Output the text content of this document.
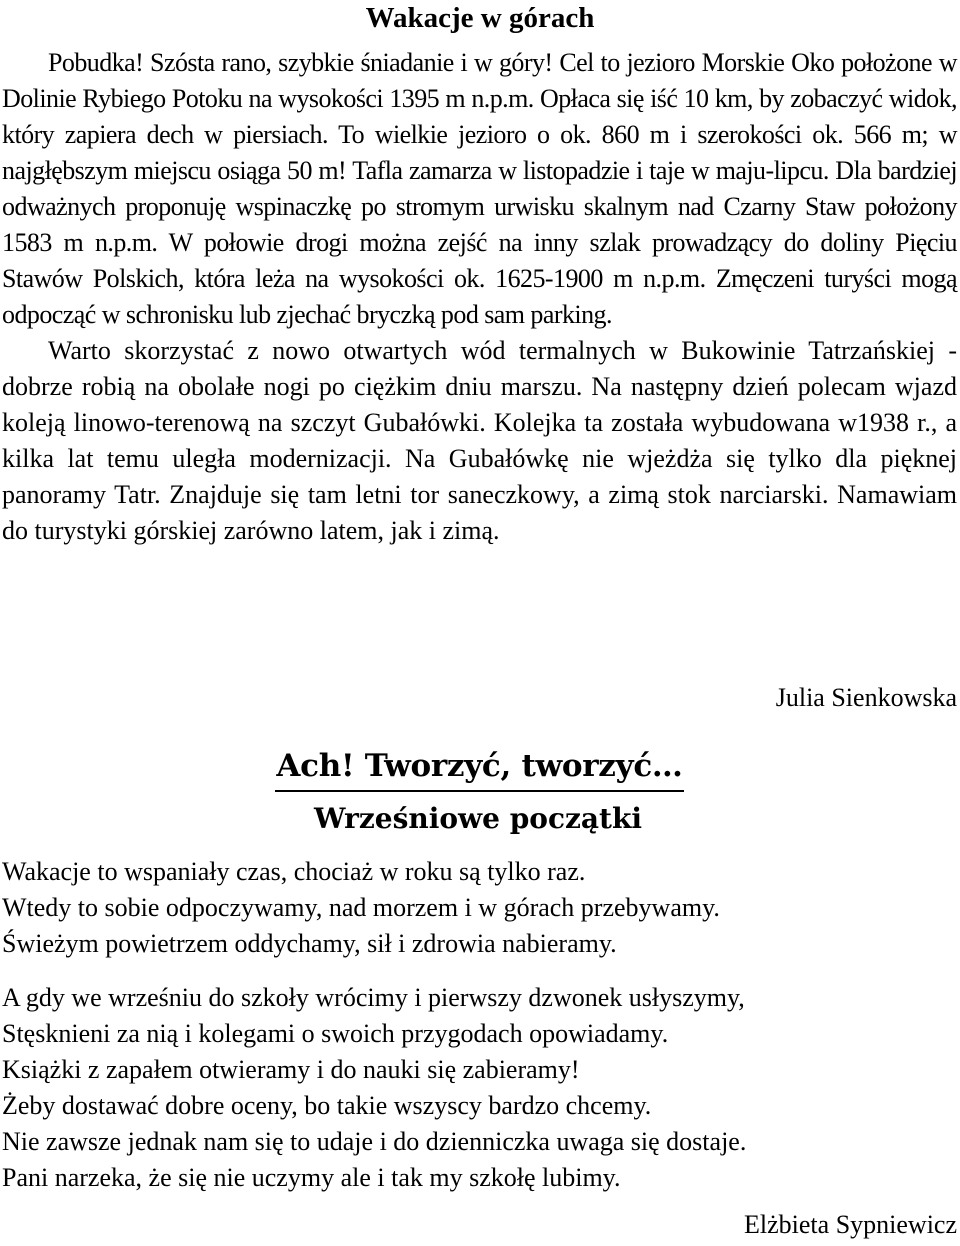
Wakacje w górach

Pobudka! Szósta rano, szybkie śniadanie i w góry! Cel to jezioro Morskie Oko położone w Dolinie Rybiego Potoku na wysokości 1395 m n.p.m. Opłaca się iść 10 km, by zobaczyć widok, który zapiera dech w piersiach. To wielkie jezioro o ok. 860 m i szerokości ok. 566 m; w najgłębszym miejscu osiąga 50 m! Tafla zamarza w listopadzie i taje w maju-lipcu. Dla bardziej odważnych proponuję wspinaczkę po stromym urwisku skalnym nad Czarny Staw położony 1583 m n.p.m. W połowie drogi można zejść na inny szlak prowadzący do doliny Pięciu Stawów Polskich, która leża na wysokości ok. 1625-1900 m n.p.m. Zmęczeni turyści mogą odpocząć w schronisku lub zjechać bryczką pod sam parking.

Warto skorzystać z nowo otwartych wód termalnych w Bukowinie Tatrzańskiej - dobrze robią na obolałe nogi po ciężkim dniu marszu. Na następny dzień polecam wjazd koleją linowo-terenową na szczyt Gubałówki. Kolejka ta została wybudowana w1938 r., a kilka lat temu uległa modernizacji. Na Gubałówkę nie wjeżdża się tylko dla pięknej panoramy Tatr. Znajduje się tam letni tor saneczkowy, a zimą stok narciarski. Namawiam do turystyki górskiej zarówno latem, jak i zimą.

Julia Sienkowska

Ach! Tworzyć, tworzyć…
Wrześniowe początki
Wakacje to wspaniały czas, chociaż w roku są tylko raz.
Wtedy to sobie odpoczywamy, nad morzem i w górach przebywamy.
Świeżym powietrzem oddychamy, sił i zdrowia nabieramy.
A gdy we wrześniu do szkoły wrócimy i pierwszy dzwonek usłyszymy,
Stęsknieni za nią i kolegami o swoich przygodach opowiadamy.
Książki z zapałem otwieramy i do nauki się zabieramy!
Żeby dostawać dobre oceny, bo takie wszyscy bardzo chcemy.
Nie zawsze jednak nam się to udaje i do dzienniczka uwaga się dostaje.
Pani narzeka, że się nie uczymy ale i tak my szkołę lubimy.

Elżbieta Sypniewicz
